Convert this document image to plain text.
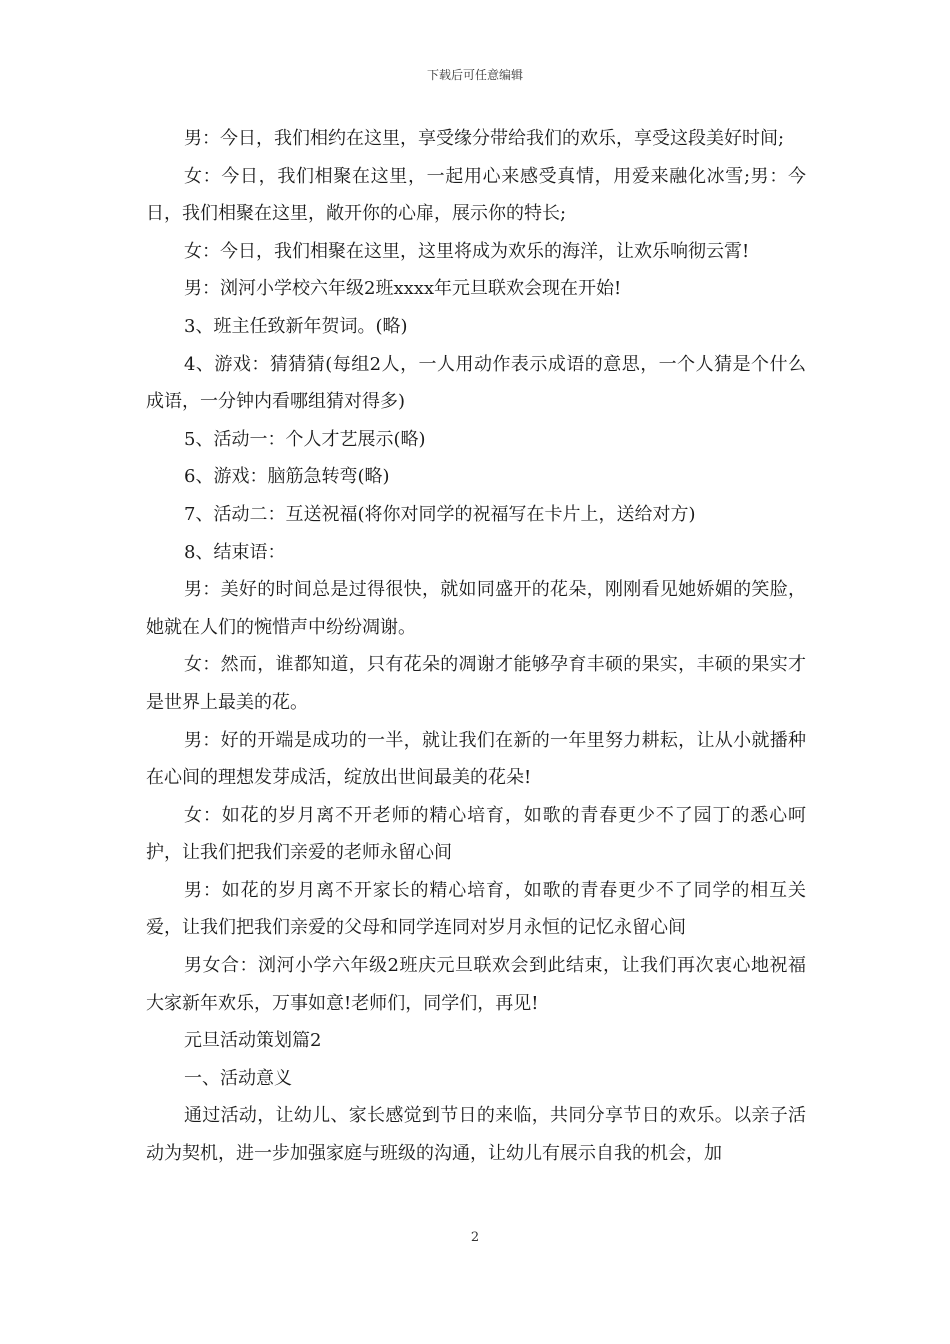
下载后可任意编辑

男：今日，我们相约在这里，享受缘分带给我们的欢乐，享受这段美好时间;

女：今日，我们相聚在这里，一起用心来感受真情，用爱来融化冰雪;男：今日，我们相聚在这里，敞开你的心扉，展示你的特长;

女：今日，我们相聚在这里，这里将成为欢乐的海洋，让欢乐响彻云霄!

男：浏河小学校六年级2班xxxx年元旦联欢会现在开始!

3、班主任致新年贺词。(略)

4、游戏：猜猜猜(每组2人，一人用动作表示成语的意思，一个人猜是个什么成语，一分钟内看哪组猜对得多)

5、活动一：个人才艺展示(略)

6、游戏：脑筋急转弯(略)

7、活动二：互送祝福(将你对同学的祝福写在卡片上，送给对方)

8、结束语：

男：美好的时间总是过得很快，就如同盛开的花朵，刚刚看见她娇媚的笑脸，她就在人们的惋惜声中纷纷凋谢。

女：然而，谁都知道，只有花朵的凋谢才能够孕育丰硕的果实，丰硕的果实才是世界上最美的花。

男：好的开端是成功的一半，就让我们在新的一年里努力耕耘，让从小就播种在心间的理想发芽成活，绽放出世间最美的花朵!

女：如花的岁月离不开老师的精心培育，如歌的青春更少不了园丁的悉心呵护，让我们把我们亲爱的老师永留心间

男：如花的岁月离不开家长的精心培育，如歌的青春更少不了同学的相互关爱，让我们把我们亲爱的父母和同学连同对岁月永恒的记忆永留心间

男女合：浏河小学六年级2班庆元旦联欢会到此结束，让我们再次衷心地祝福大家新年欢乐，万事如意!老师们，同学们，再见!

元旦活动策划篇2

一、活动意义

通过活动，让幼儿、家长感觉到节日的来临，共同分享节日的欢乐。以亲子活动为契机，进一步加强家庭与班级的沟通，让幼儿有展示自我的机会，加

2
